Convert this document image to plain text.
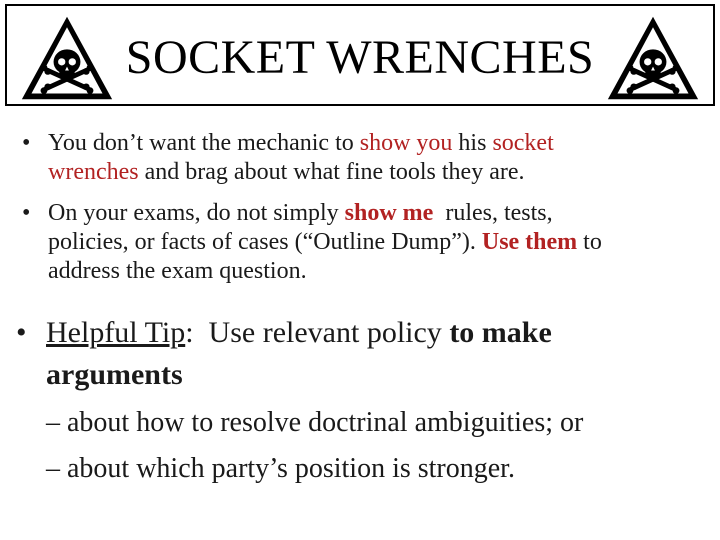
SOCKET WRENCHES
• You don’t want the mechanic to show you his socket
wrenches and brag about what fine tools they are.
• On your exams, do not simply show me  rules, tests,
policies, or facts of cases (“Outline Dump”). Use them to
address the exam question.
• Helpful Tip:  Use relevant policy to make
arguments
– about how to resolve doctrinal ambiguities; or
– about which party’s position is stronger.
